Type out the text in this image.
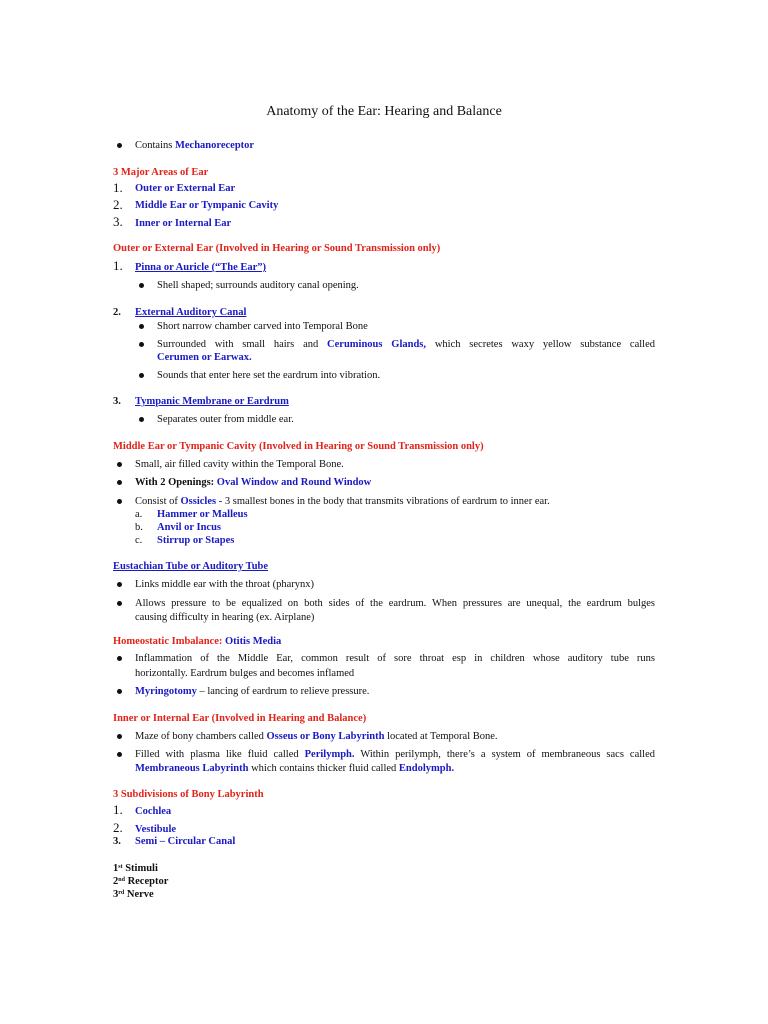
Anatomy of the Ear: Hearing and Balance
Contains Mechanoreceptor
3 Major Areas of Ear
1. Outer or External Ear
2. Middle Ear or Tympanic Cavity
3. Inner or Internal Ear
Outer or External Ear (Involved in Hearing or Sound Transmission only)
1. Pinna or Auricle (“The Ear”)
Shell shaped; surrounds auditory canal opening.
2. External Auditory Canal
Short narrow chamber carved into Temporal Bone
Surrounded with small hairs and Ceruminous Glands, which secretes waxy yellow substance called
Cerumen or Earwax.
Sounds that enter here set the eardrum into vibration.
3. Tympanic Membrane or Eardrum
Separates outer from middle ear.
Middle Ear or Tympanic Cavity (Involved in Hearing or Sound Transmission only)
Small, air filled cavity within the Temporal Bone.
With 2 Openings: Oval Window and Round Window
Consist of Ossicles - 3 smallest bones in the body that transmits vibrations of eardrum to inner ear.
a. Hammer or Malleus
b. Anvil or Incus
c. Stirrup or Stapes
Eustachian Tube or Auditory Tube
Links middle ear with the throat (pharynx)
Allows pressure to be equalized on both sides of the eardrum. When pressures are unequal, the eardrum bulges
causing difficulty in hearing (ex. Airplane)
Homeostatic Imbalance: Otitis Media
Inflammation of the Middle Ear, common result of sore throat esp in children whose auditory tube runs
horizontally. Eardrum bulges and becomes inflamed
Myringotomy – lancing of eardrum to relieve pressure.
Inner or Internal Ear (Involved in Hearing and Balance)
Maze of bony chambers called Osseus or Bony Labyrinth located at Temporal Bone.
Filled with plasma like fluid called Perilymph. Within perilymph, there’s a system of membraneous sacs called
Membraneous Labyrinth which contains thicker fluid called Endolymph.
3 Subdivisions of Bony Labyrinth
1. Cochlea
2. Vestibule
3. Semi – Circular Canal
1st Stimuli
2nd Receptor
3rd Nerve
